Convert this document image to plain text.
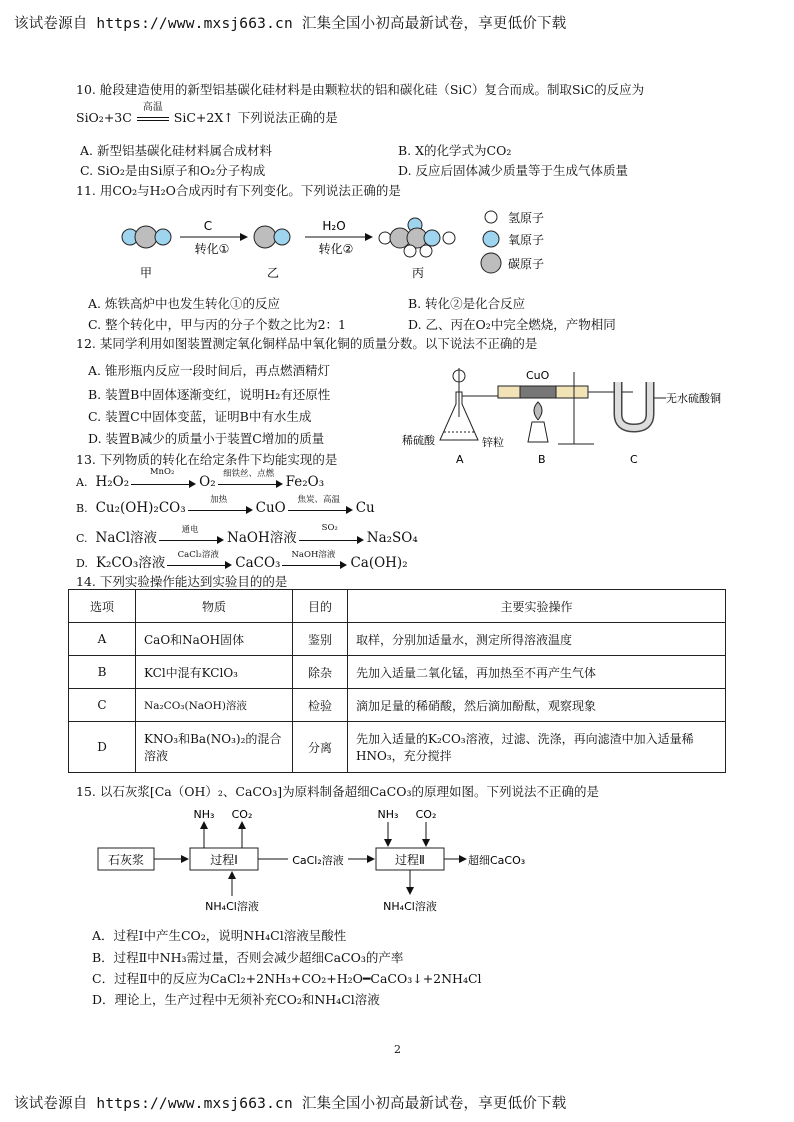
该试卷源自 https://www.mxsj663.cn 汇集全国小初高最新试卷，享更低价下载
该试卷源自 https://www.mxsj663.cn 汇集全国小初高最新试卷，享更低价下载
2
10. 舱段建造使用的新型铝基碳化硅材料是由颗粒状的铝和碳化硅（SiC）复合而成。制取SiC的反应为
SiO₂+3C
高温
SiC+2X↑ 下列说法正确的是
A. 新型铝基碳化硅材料属合成材料	B. X的化学式为CO₂
C. SiO₂是由Si原子和O₂分子构成	D. 反应后固体减少质量等于生成气体质量
11. 用CO₂与H₂O合成丙时有下列变化。下列说法正确的是
甲
C
转化①
乙
H₂O
转化②
丙
氢原子
氧原子
碳原子
A. 炼铁高炉中也发生转化①的反应	B. 转化②是化合反应
C. 整个转化中，甲与丙的分子个数之比为2：1	D. 乙、丙在O₂中完全燃烧，产物相同
12. 某同学利用如图装置测定氧化铜样品中氧化铜的质量分数。以下说法不正确的是
A. 锥形瓶内反应一段时间后，再点燃酒精灯
B. 装置B中固体逐渐变红，说明H₂有还原性
C. 装置C中固体变蓝，证明B中有水生成
D. 装置B减少的质量小于装置C增加的质量	稀硫酸	锌粒
A
CuO
B
无水硫酸铜
C
13. 下列物质的转化在给定条件下均能实现的是
A. H₂O₂
MnO₂
O₂
细铁丝、点燃
Fe₂O₃
B. Cu₂(OH)₂CO₃
加热
CuO
焦炭、高温
Cu
C. NaCl溶液
通电
NaOH溶液
SO₂
Na₂SO₄
D. K₂CO₃溶液
CaCl₂溶液
CaCO₃
NaOH溶液
Ca(OH)₂
14. 下列实验操作能达到实验目的的是
选项	物质	目的	主要实验操作
A	CaO和NaOH固体	鉴别	取样，分别加适量水，测定所得溶液温度
B	KCl中混有KClO₃	除杂	先加入适量二氧化锰，再加热至不再产生气体
C	Na₂CO₃(NaOH)溶液	检验	滴加足量的稀硝酸，然后滴加酚酞，观察现象
D	KNO₃和Ba(NO₃)₂的混合溶液	分离	先加入适量的K₂CO₃溶液，过滤、洗涤，再向滤渣中加入适量稀HNO₃，充分搅拌
15. 以石灰浆[Ca（OH）₂、CaCO₃]为原料制备超细CaCO₃的原理如图。下列说法不正确的是
石灰浆	过程Ⅰ
NH₃ CO₂
NH₄Cl溶液
CaCl₂溶液	过程Ⅱ
NH₃ CO₂
NH₄Cl溶液
超细CaCO₃
A．过程Ⅰ中产生CO₂，说明NH₄Cl溶液呈酸性
B．过程Ⅱ中NH₃需过量，否则会减少超细CaCO₃的产率
C．过程Ⅱ中的反应为CaCl₂+2NH₃+CO₂+H₂O━CaCO₃↓+2NH₄Cl
D．理论上，生产过程中无须补充CO₂和NH₄Cl溶液
